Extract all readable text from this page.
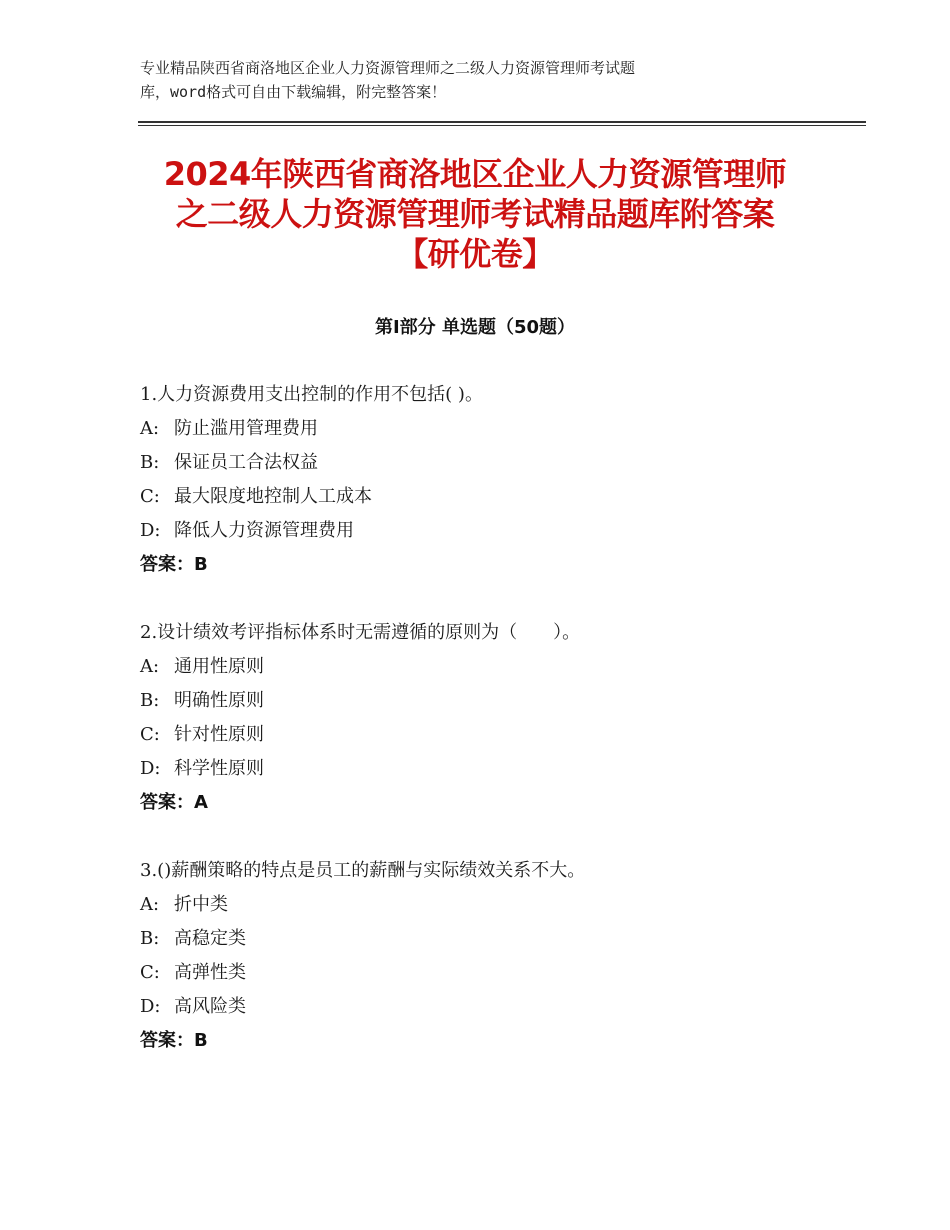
专业精品陕西省商洛地区企业人力资源管理师之二级人力资源管理师考试题
库，word格式可自由下载编辑，附完整答案！
2024年陕西省商洛地区企业人力资源管理师
之二级人力资源管理师考试精品题库附答案
【研优卷】
第Ⅰ部分 单选题（50题）
1.人力资源费用支出控制的作用不包括( )。
A: 防止滥用管理费用
B: 保证员工合法权益
C: 最大限度地控制人工成本
D: 降低人力资源管理费用
答案：B
2.设计绩效考评指标体系时无需遵循的原则为（　　）。
A: 通用性原则
B: 明确性原则
C: 针对性原则
D: 科学性原则
答案：A
3.()薪酬策略的特点是员工的薪酬与实际绩效关系不大。
A: 折中类
B: 高稳定类
C: 高弹性类
D: 高风险类
答案：B
